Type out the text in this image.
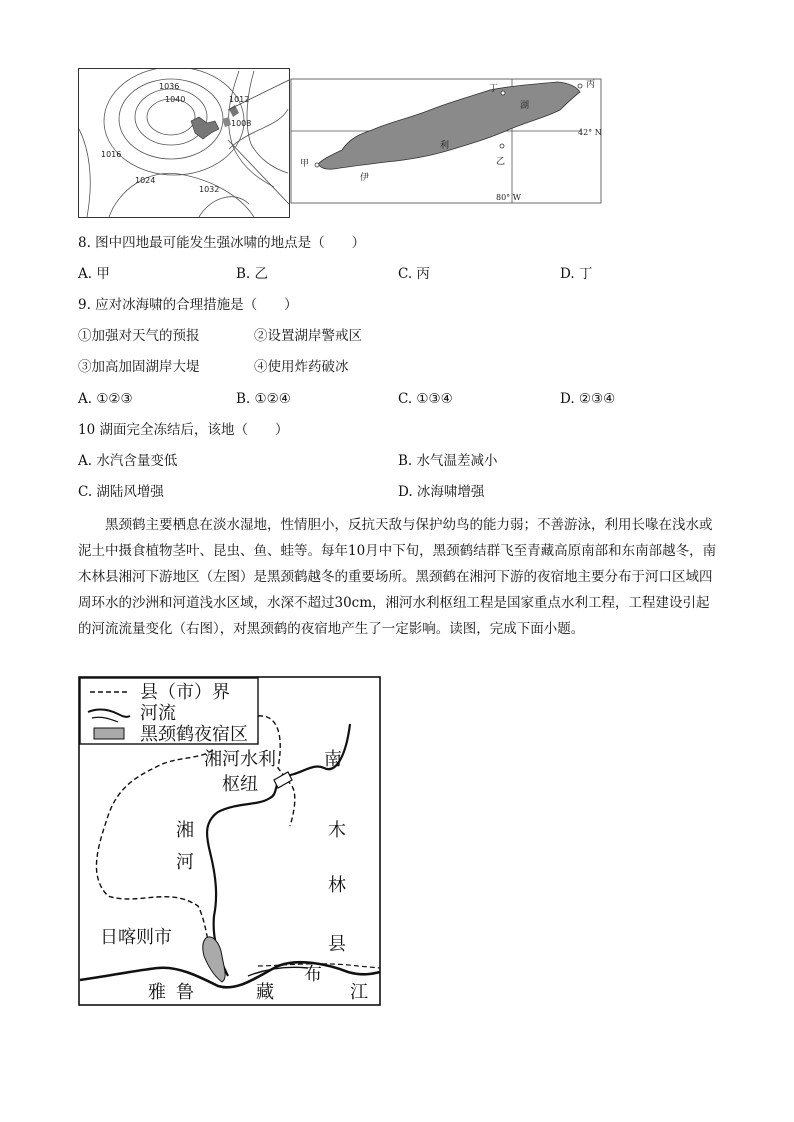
1036
1040	1012
1008
1016
1024
1032
丁	丙
湖
利
伊
乙
甲
42° N
80° W
8. 图中四地最可能发生强冰啸的地点是（　　）
A. 甲	B. 乙	C. 丙	D. 丁
9. 应对冰海啸的合理措施是（　　）
①加强对天气的预报	②设置湖岸警戒区
③加高加固湖岸大堤	④使用炸药破冰
A. ①②③	B. ①②④	C. ①③④	D. ②③④
10 湖面完全冻结后，该地（　　）
A. 水汽含量变低	B. 水气温差减小
C. 湖陆风增强	D. 冰海啸增强
黑颈鹤主要栖息在淡水湿地，性情胆小，反抗天敌与保护幼鸟的能力弱；不善游泳，利用长喙在浅水或泥土中摄食植物茎叶、昆虫、鱼、蛙等。每年10月中下旬，黑颈鹤结群飞至青藏高原南部和东南部越冬，南木林县湘河下游地区（左图）是黑颈鹤越冬的重要场所。黑颈鹤在湘河下游的夜宿地主要分布于河口区域四周环水的沙洲和河道浅水区域，水深不超过30cm，湘河水利枢纽工程是国家重点水利工程，工程建设引起的河流流量变化（右图），对黑颈鹤的夜宿地产生了一定影响。读图，完成下面小题。
县（市）界
河流
黑颈鹤夜宿区
湘河水利
枢纽
南
木
林
县
湘
河
日喀则市
雅 鲁	藏
布
江
